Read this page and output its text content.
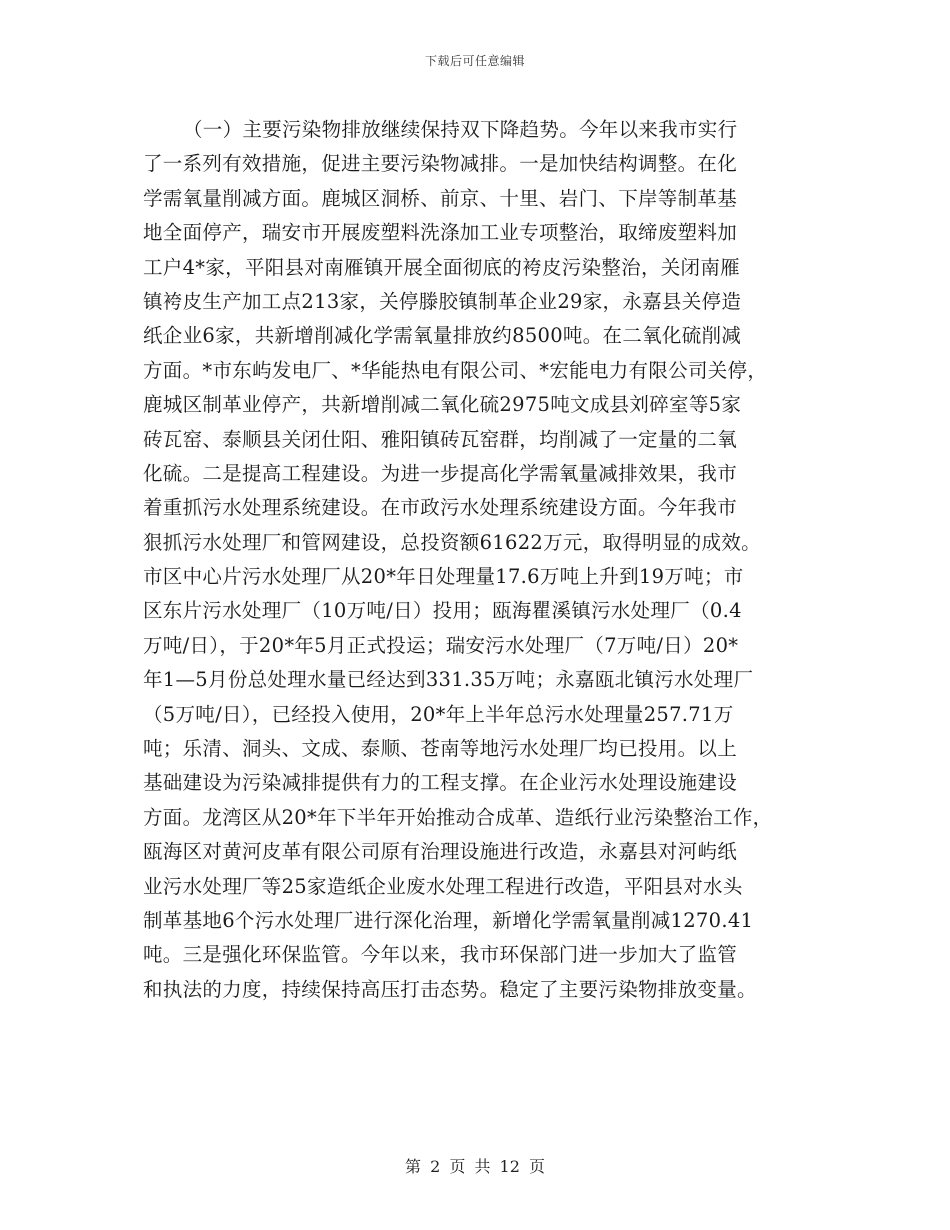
下载后可任意编辑
（一）主要污染物排放继续保持双下降趋势。今年以来我市实行
了一系列有效措施，促进主要污染物减排。一是加快结构调整。在化
学需氧量削减方面。鹿城区洞桥、前京、十里、岩门、下岸等制革基
地全面停产，瑞安市开展废塑料洗涤加工业专项整治，取缔废塑料加
工户4*家，平阳县对南雁镇开展全面彻底的袴皮污染整治，关闭南雁
镇袴皮生产加工点213家，关停滕胶镇制革企业29家，永嘉县关停造
纸企业6家，共新增削减化学需氧量排放约8500吨。在二氧化硫削减
方面。*市东屿发电厂、*华能热电有限公司、*宏能电力有限公司关停，
鹿城区制革业停产，共新增削减二氧化硫2975吨文成县刘碎室等5家
砖瓦窑、泰顺县关闭仕阳、雅阳镇砖瓦窑群，均削减了一定量的二氧
化硫。二是提高工程建设。为进一步提高化学需氧量减排效果，我市
着重抓污水处理系统建设。在市政污水处理系统建设方面。今年我市
狠抓污水处理厂和管网建设，总投资额61622万元，取得明显的成效。
市区中心片污水处理厂从20*年日处理量17.6万吨上升到19万吨；市
区东片污水处理厂（10万吨/日）投用；瓯海瞿溪镇污水处理厂（0.4
万吨/日），于20*年5月正式投运；瑞安污水处理厂（7万吨/日）20*
年1—5月份总处理水量已经达到331.35万吨；永嘉瓯北镇污水处理厂
（5万吨/日），已经投入使用，20*年上半年总污水处理量257.71万
吨；乐清、洞头、文成、泰顺、苍南等地污水处理厂均已投用。以上
基础建设为污染减排提供有力的工程支撑。在企业污水处理设施建设
方面。龙湾区从20*年下半年开始推动合成革、造纸行业污染整治工作，
瓯海区对黄河皮革有限公司原有治理设施进行改造，永嘉县对河屿纸
业污水处理厂等25家造纸企业废水处理工程进行改造，平阳县对水头
制革基地6个污水处理厂进行深化治理，新增化学需氧量削减1270.41
吨。三是强化环保监管。今年以来，我市环保部门进一步加大了监管
和执法的力度，持续保持高压打击态势。稳定了主要污染物排放变量。
第 2 页 共 12 页
